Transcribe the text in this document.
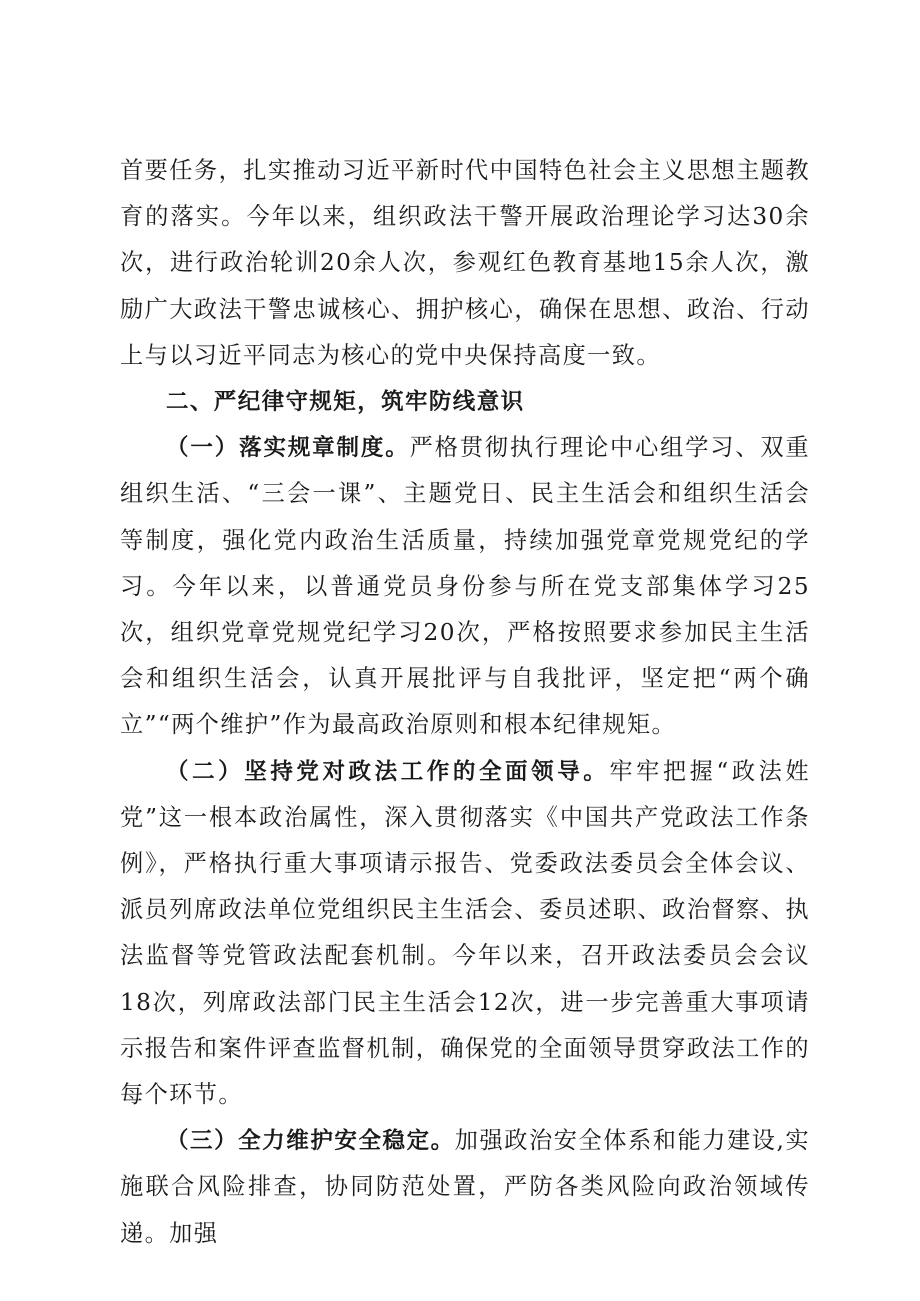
首要任务，扎实推动习近平新时代中国特色社会主义思想主题教育的落实。今年以来，组织政法干警开展政治理论学习达30余次，进行政治轮训20余人次，参观红色教育基地15余人次，激励广大政法干警忠诚核心、拥护核心，确保在思想、政治、行动上与以习近平同志为核心的党中央保持高度一致。

二、严纪律守规矩，筑牢防线意识

（一）落实规章制度。严格贯彻执行理论中心组学习、双重组织生活、“三会一课”、主题党日、民主生活会和组织生活会等制度，强化党内政治生活质量，持续加强党章党规党纪的学习。今年以来，以普通党员身份参与所在党支部集体学习25次，组织党章党规党纪学习20次，严格按照要求参加民主生活会和组织生活会，认真开展批评与自我批评，坚定把“两个确立”“两个维护”作为最高政治原则和根本纪律规矩。

（二）坚持党对政法工作的全面领导。牢牢把握“政法姓党”这一根本政治属性，深入贯彻落实《中国共产党政法工作条例》，严格执行重大事项请示报告、党委政法委员会全体会议、派员列席政法单位党组织民主生活会、委员述职、政治督察、执法监督等党管政法配套机制。今年以来，召开政法委员会会议18次，列席政法部门民主生活会12次，进一步完善重大事项请示报告和案件评查监督机制，确保党的全面领导贯穿政法工作的每个环节。

（三）全力维护安全稳定。加强政治安全体系和能力建设,实施联合风险排查，协同防范处置，严防各类风险向政治领域传递。加强
